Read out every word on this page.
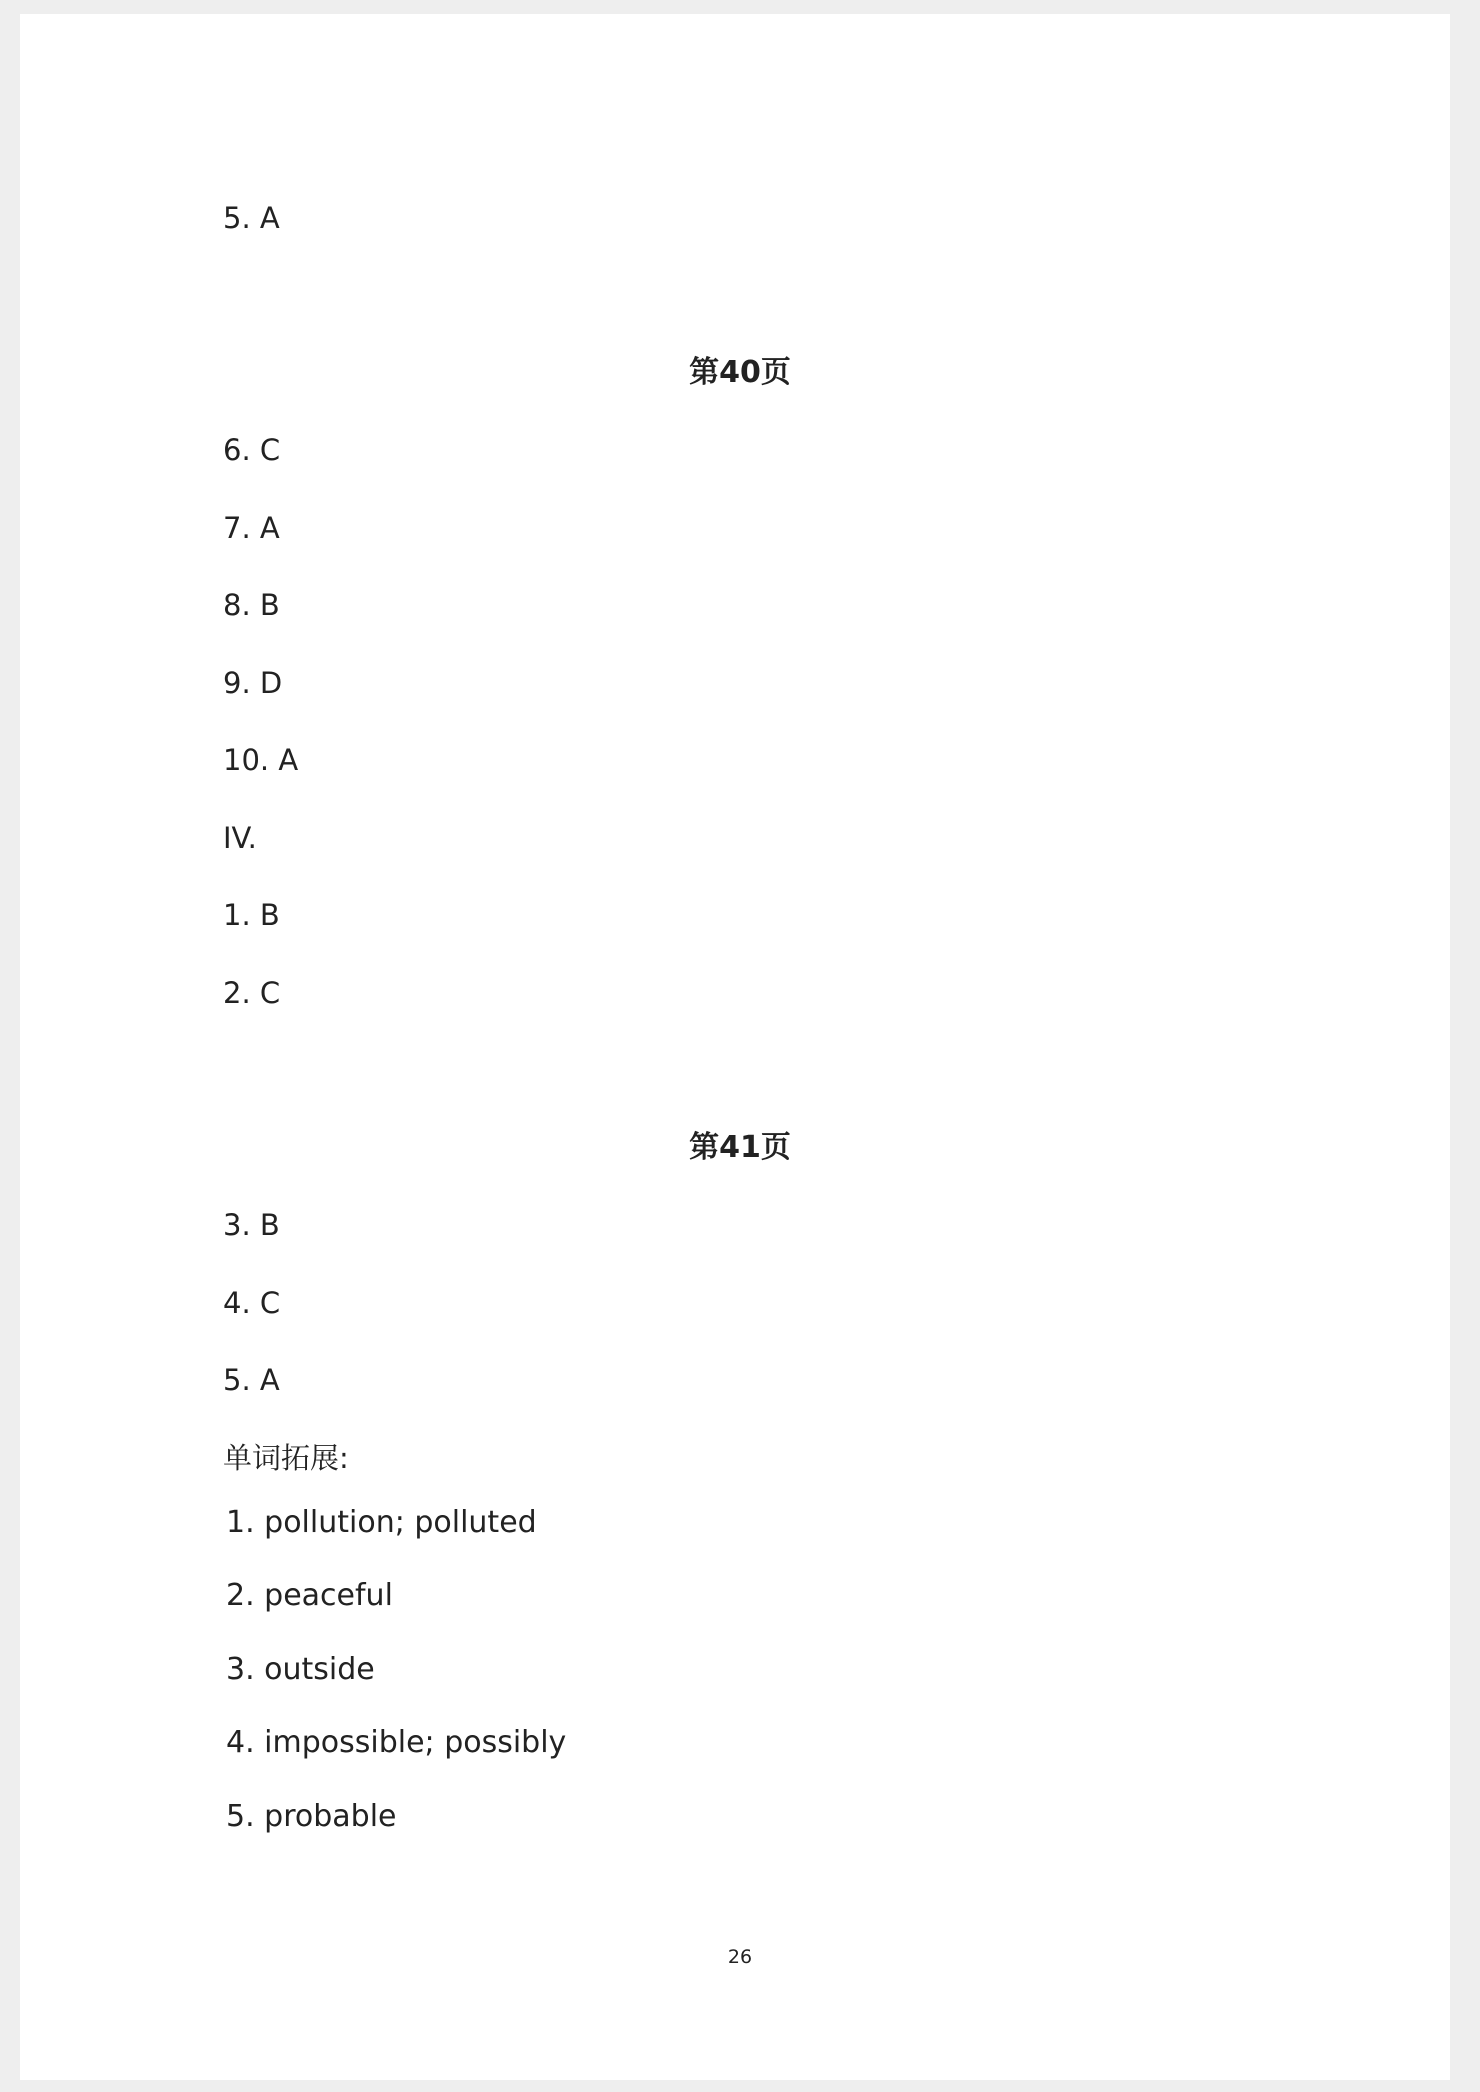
5. A
第40页
6. C
7. A
8. B
9. D
10. A
IV.
1. B
2. C
第41页
3. B
4. C
5. A
单词拓展:
1. pollution; polluted
2. peaceful
3. outside
4. impossible; possibly
5. probable
26
